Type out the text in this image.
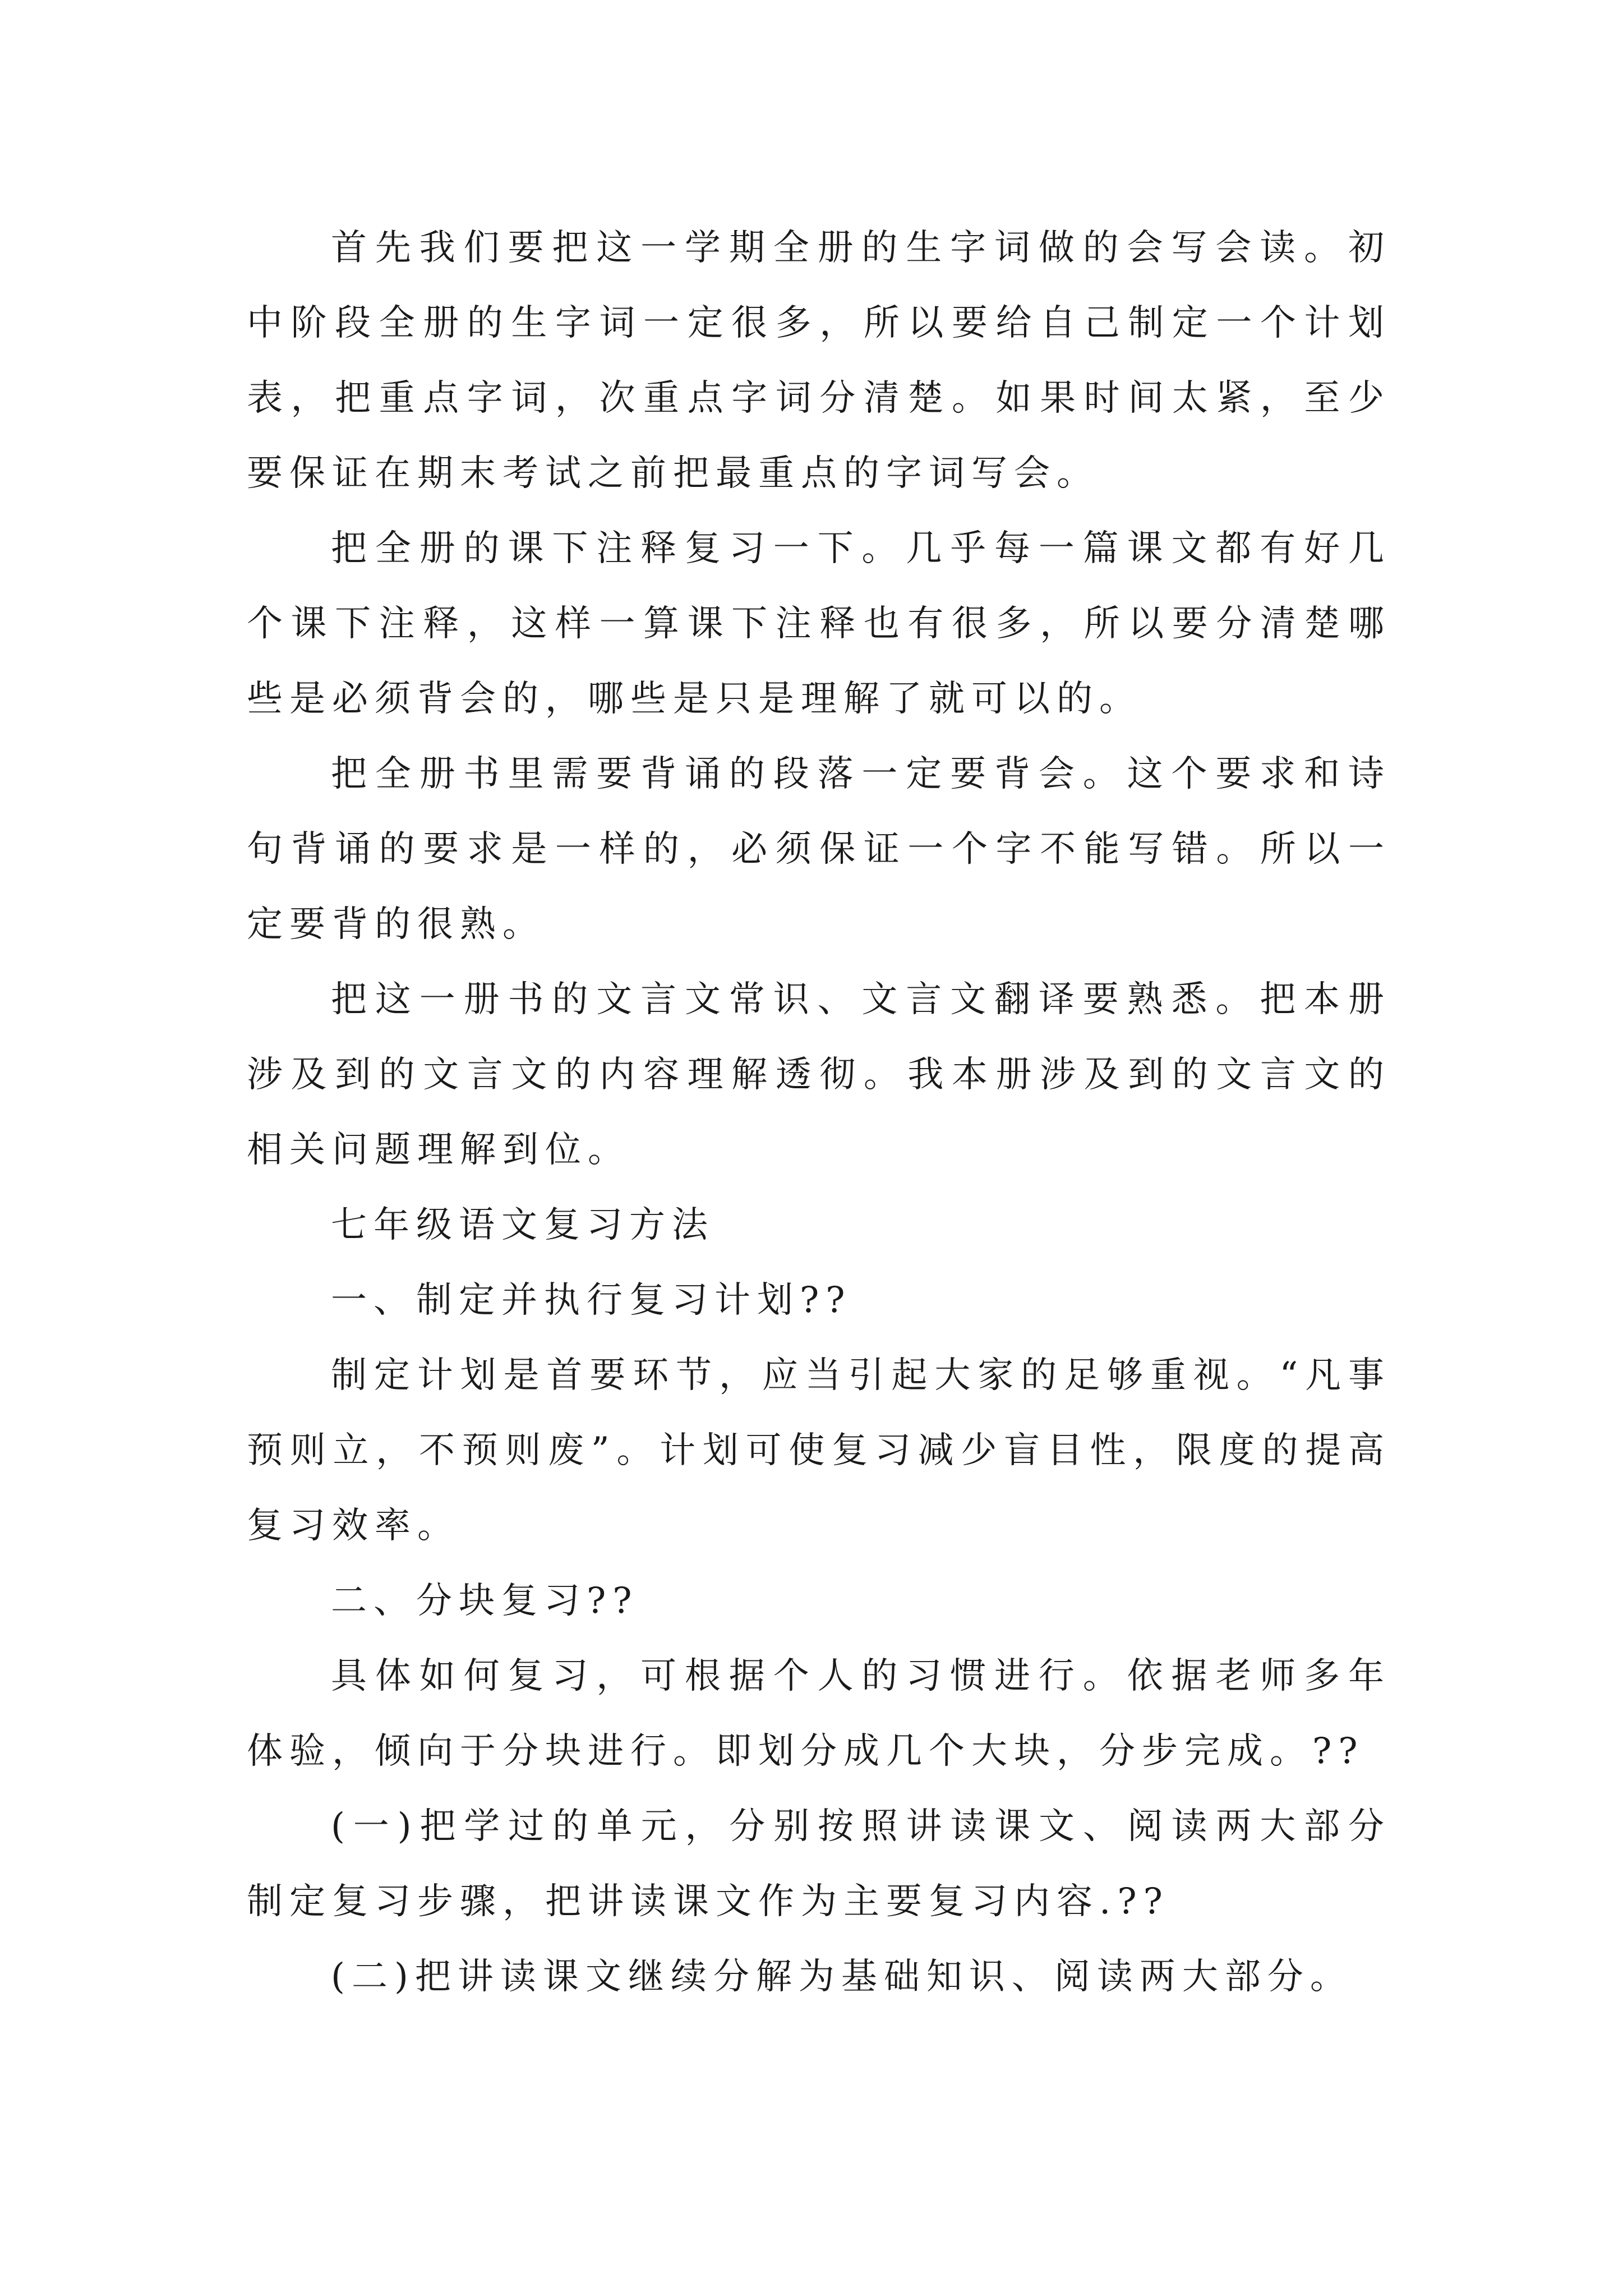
首先我们要把这一学期全册的生字词做的会写会读。初中阶段全册的生字词一定很多，所以要给自己制定一个计划表，把重点字词，次重点字词分清楚。如果时间太紧，至少要保证在期末考试之前把最重点的字词写会。

把全册的课下注释复习一下。几乎每一篇课文都有好几个课下注释，这样一算课下注释也有很多，所以要分清楚哪些是必须背会的，哪些是只是理解了就可以的。

把全册书里需要背诵的段落一定要背会。这个要求和诗句背诵的要求是一样的，必须保证一个字不能写错。所以一定要背的很熟。

把这一册书的文言文常识、文言文翻译要熟悉。把本册涉及到的文言文的内容理解透彻。我本册涉及到的文言文的相关问题理解到位。

七年级语文复习方法

一、制定并执行复习计划??

制定计划是首要环节，应当引起大家的足够重视。“凡事预则立，不预则废”。计划可使复习减少盲目性，限度的提高复习效率。

二、分块复习??

具体如何复习，可根据个人的习惯进行。依据老师多年体验，倾向于分块进行。即划分成几个大块，分步完成。??

(一)把学过的单元，分别按照讲读课文、阅读两大部分制定复习步骤，把讲读课文作为主要复习内容.??

(二)把讲读课文继续分解为基础知识、阅读两大部分。
